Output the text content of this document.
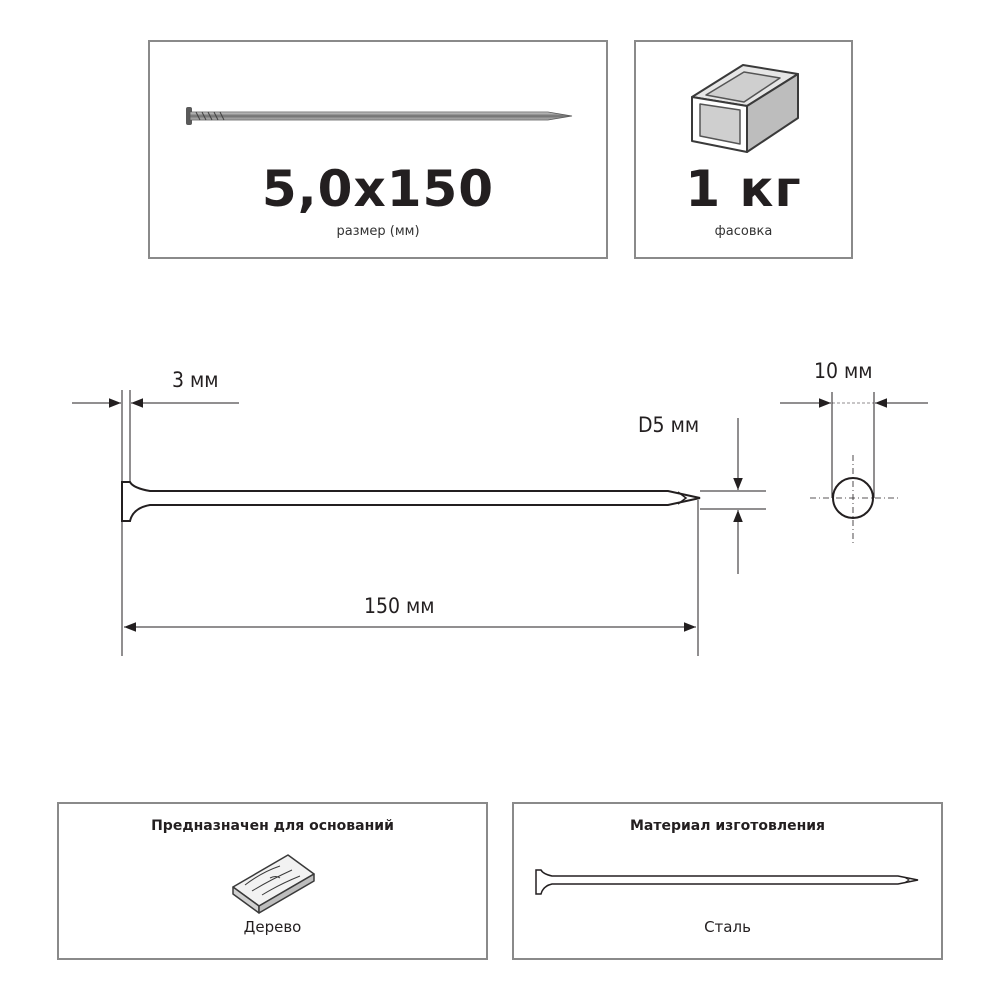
5,0x150
размер (мм)
1 кг
фасовка
Предназначен для оснований
Дерево
Материал изготовления
Сталь
3 мм
D5 мм
10 мм
150 мм
